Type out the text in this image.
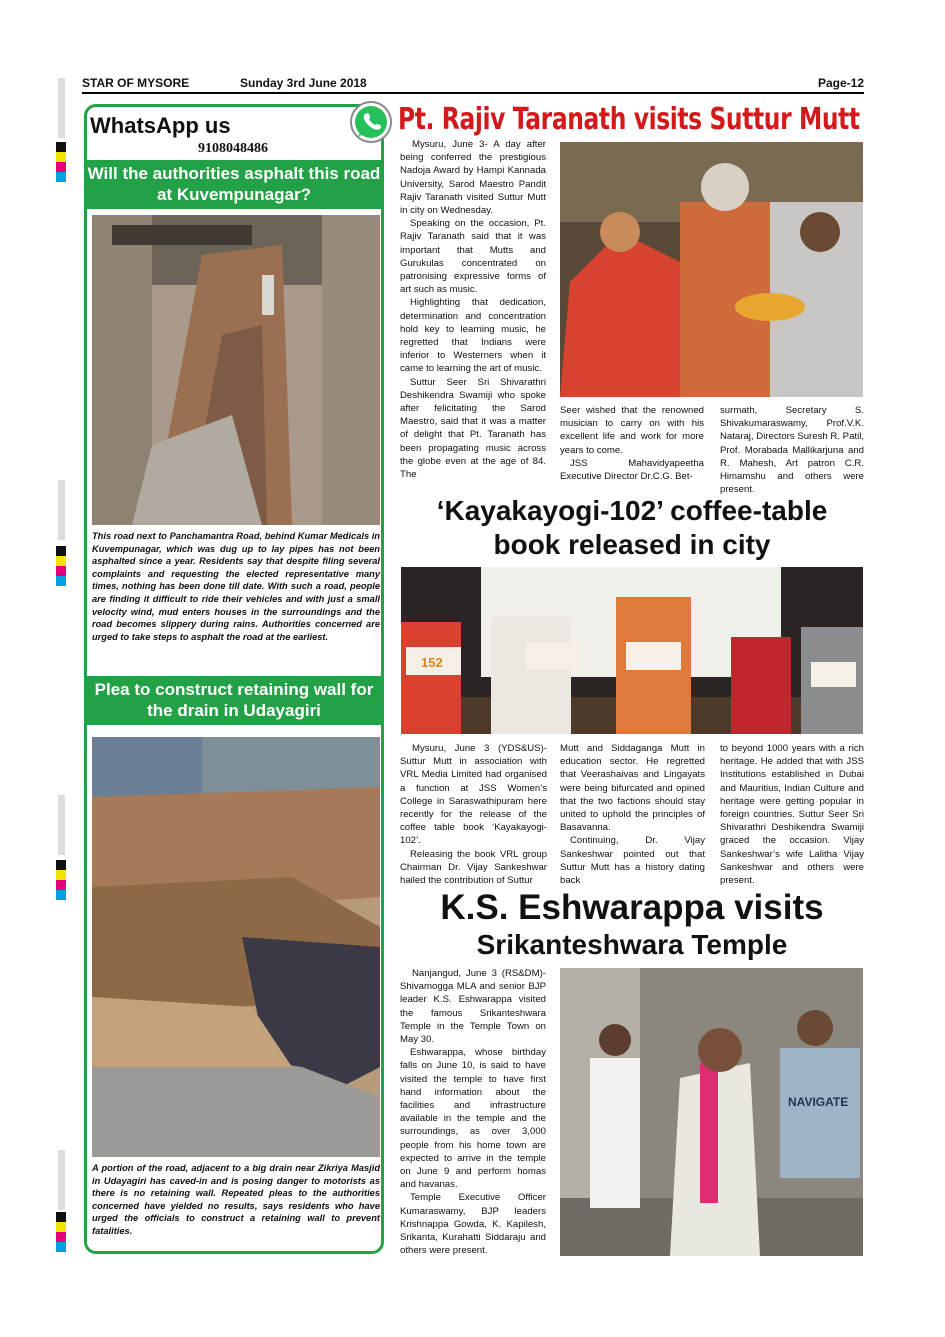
STAR OF MYSORE	Sunday 3rd June 2018	Page-12
WhatsApp us
9108048486
Will the authorities asphalt this road at Kuvempunagar?
This road next to Panchamantra Road, behind Kumar Medicals in Kuvempunagar, which was dug up to lay pipes has not been asphalted since a year. Residents say that despite filing several complaints and requesting the elected representative many times, nothing has been done till date. With such a road, people are finding it difficult to ride their vehicles and with just a small velocity wind, mud enters houses in the surroundings and the road becomes slippery during rains. Authorities concerned are urged to take steps to asphalt the road at the earliest.
Plea to construct retaining wall for the drain in Udayagiri
A portion of the road, adjacent to a big drain near Zikriya Masjid in Udayagiri has caved-in and is posing danger to motorists as there is no retaining wall. Repeated pleas to the authorities concerned have yielded no results, says residents who have urged the officials to construct a retaining wall to prevent fatalities.
Pt. Rajiv Taranath visits Suttur Mutt

Mysuru, June 3- A day after being conferred the prestigious Nadoja Award by Hampi Kannada University, Sarod Maestro Pandit Rajiv Taranath visited Suttur Mutt in city on Wednesday.

Speaking on the occasion, Pt. Rajiv Taranath said that it was important that Mutts and Gurukulas concentrated on patronising expressive forms of art such as music.

Highlighting that dedication, determination and concentration hold key to learning music, he regretted that Indians were inferior to Westerners when it came to learning the art of music.

Suttur Seer Sri Shivarathri Deshikendra Swamiji who spoke after felicitating the Sarod Maestro, said that it was a matter of delight that Pt. Taranath has been propagating music across the globe even at the age of 84. The

Seer wished that the renowned musician to carry on with his excellent life and work for more years to come.

JSS Mahavidyapeetha Executive Director Dr.C.G. Bet-

surmath, Secretary S. Shivakumaraswamy, Prof.V.K. Nataraj, Directors Suresh R. Patil, Prof. Morabada Mallikarjuna and R. Mahesh, Art patron C.R. Himamshu and others were present.

‘Kayakayogi-102’ coffee-table book released in city
152

Mysuru, June 3 (YDS&US)-Suttur Mutt in association with VRL Media Limited had organised a function at JSS Women’s College in Saraswathipuram here recently for the release of the coffee table book ‘Kayakayogi-102’.

Releasing the book VRL group Chairman Dr. Vijay Sankeshwar hailed the contribution of Suttur

Mutt and Siddaganga Mutt in education sector. He regretted that Veerashaivas and Lingayats were being bifurcated and opined that the two factions should stay united to uphold the principles of Basavanna.

Continuing, Dr. Vijay Sankeshwar pointed out that Suttur Mutt has a history dating back

to beyond 1000 years with a rich heritage. He added that with JSS Institutions established in Dubai and Mauritius, Indian Culture and heritage were getting popular in foreign countries. Suttur Seer Sri Shivarathri Deshikendra Swamiji graced the occasion. Vijay Sankeshwar’s wife Lalitha Vijay Sankeshwar and others were present.

K.S. Eshwarappa visits
Srikanteshwara Temple

Nanjangud, June 3 (RS&DM)- Shivamogga MLA and senior BJP leader K.S. Eshwarappa visited the famous Srikanteshwara Temple in the Temple Town on May 30.

Eshwarappa, whose birthday falls on June 10, is said to have visited the temple to have first hand information about the facilities and infrastructure available in the temple and the surroundings, as over 3,000 people from his home town are expected to arrive in the temple on June 9 and perform homas and havanas.

Temple Executive Officer Kumaraswamy, BJP leaders Krishnappa Gowda, K. Kapilesh, Srikanta, Kurahatti Siddaraju and others were present.

NAVIGATE
